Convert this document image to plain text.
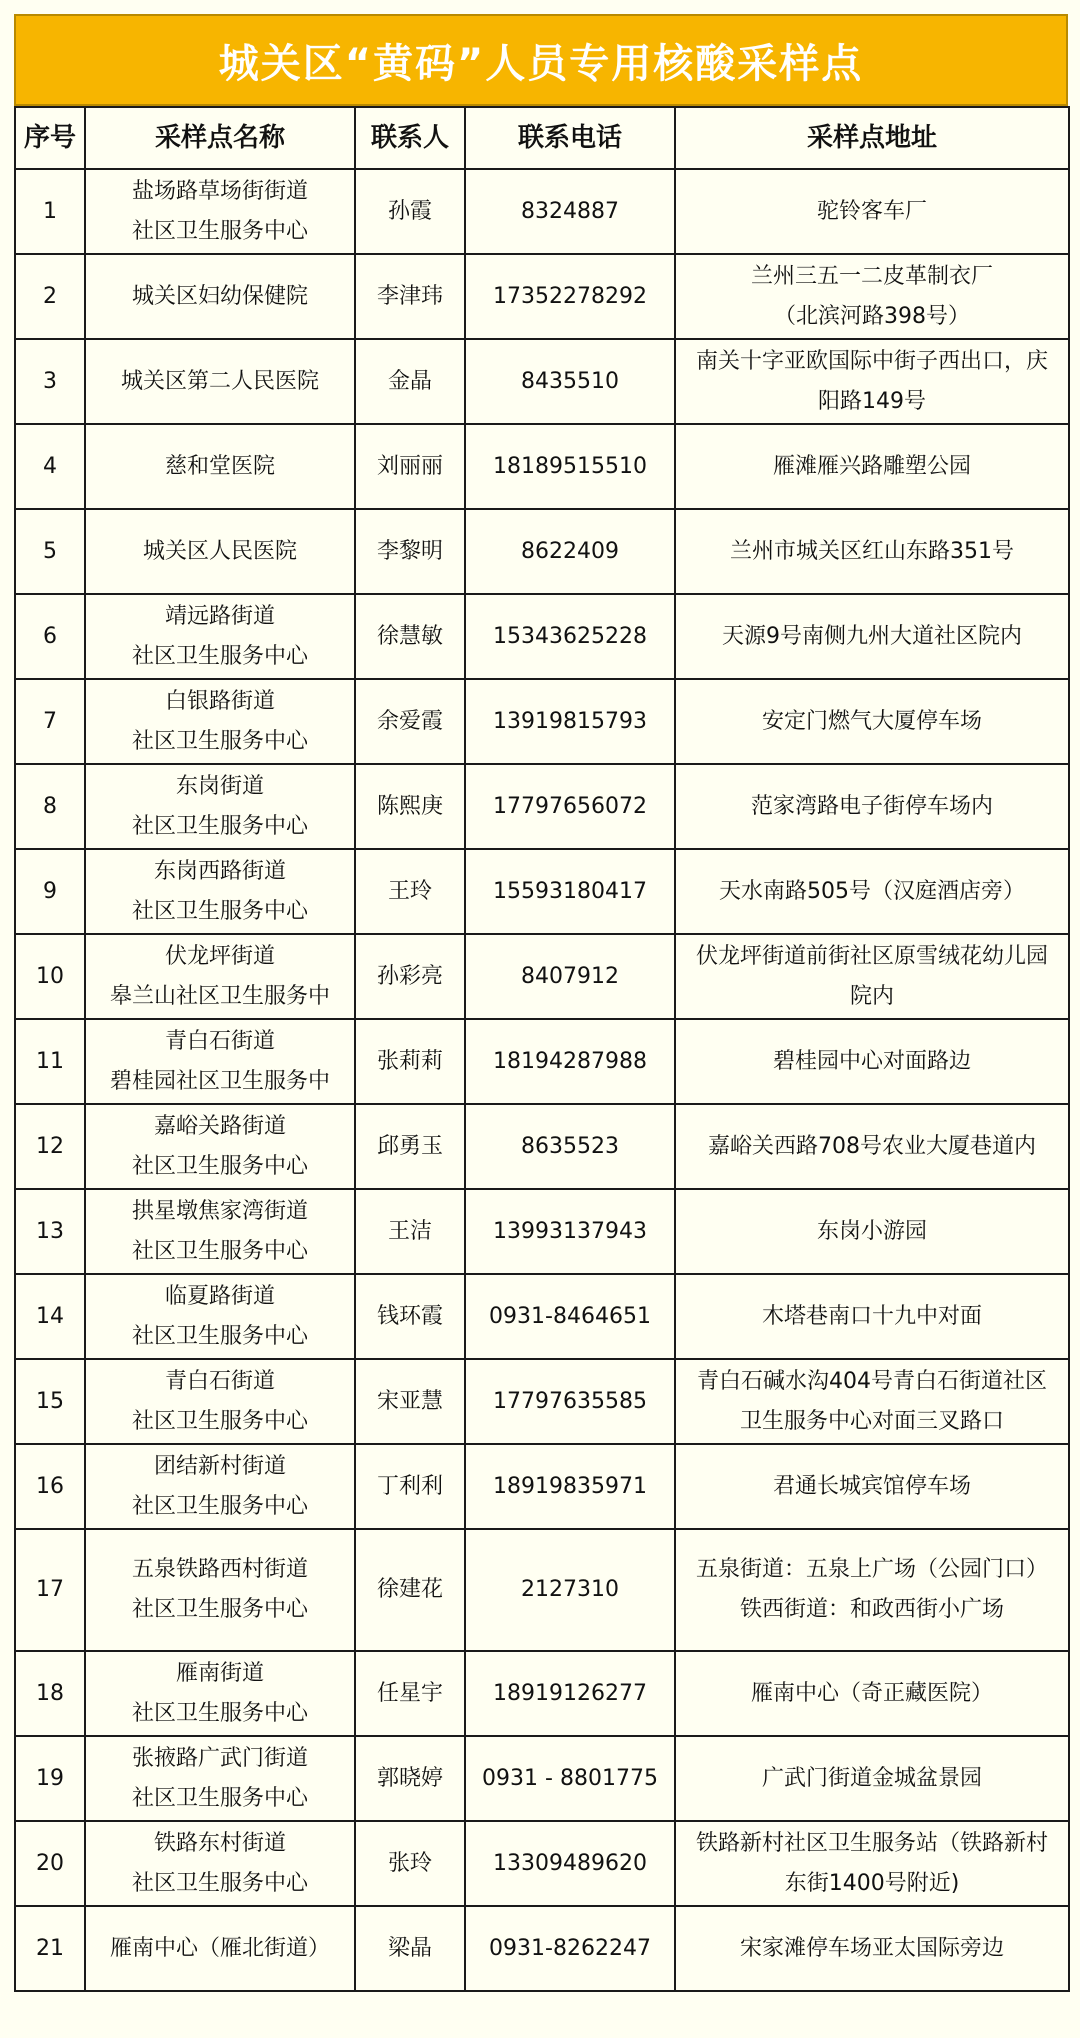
城关区“黄码”人员专用核酸采样点
序号	采样点名称	联系人	联系电话	采样点地址
1	盐场路草场街街道
社区卫生服务中心	孙霞	8324887	驼铃客车厂

2	城关区妇幼保健院	李津玮	17352278292	兰州三五一二皮革制衣厂
（北滨河路398号）

3	城关区第二人民医院	金晶	8435510	南关十字亚欧国际中街子西出口，庆
阳路149号

4	慈和堂医院	刘丽丽	18189515510	雁滩雁兴路雕塑公园

5	城关区人民医院	李黎明	8622409	兰州市城关区红山东路351号

6	靖远路街道
社区卫生服务中心	徐慧敏	15343625228	天源9号南侧九州大道社区院内

7	白银路街道
社区卫生服务中心	余爱霞	13919815793	安定门燃气大厦停车场

8	东岗街道
社区卫生服务中心	陈熙庚	17797656072	范家湾路电子街停车场内

9	东岗西路街道
社区卫生服务中心	王玲	15593180417	天水南路505号（汉庭酒店旁）

10	伏龙坪街道
皋兰山社区卫生服务中	孙彩亮	8407912	伏龙坪街道前街社区原雪绒花幼儿园
院内

11	青白石街道
碧桂园社区卫生服务中	张莉莉	18194287988	碧桂园中心对面路边

12	嘉峪关路街道
社区卫生服务中心	邱勇玉	8635523	嘉峪关西路708号农业大厦巷道内

13	拱星墩焦家湾街道
社区卫生服务中心	王洁	13993137943	东岗小游园

14	临夏路街道
社区卫生服务中心	钱环霞	0931-8464651	木塔巷南口十九中对面

15	青白石街道
社区卫生服务中心	宋亚慧	17797635585	青白石碱水沟404号青白石街道社区
卫生服务中心对面三叉路口

16	团结新村街道
社区卫生服务中心	丁利利	18919835971	君通长城宾馆停车场

17	五泉铁路西村街道
社区卫生服务中心	徐建花	2127310	五泉街道：五泉上广场（公园门口）
铁西街道：和政西街小广场

18	雁南街道
社区卫生服务中心	任星宇	18919126277	雁南中心（奇正藏医院）

19	张掖路广武门街道
社区卫生服务中心	郭晓婷	0931 - 8801775	广武门街道金城盆景园

20	铁路东村街道
社区卫生服务中心	张玲	13309489620	铁路新村社区卫生服务站（铁路新村
东街1400号附近)

21	雁南中心（雁北街道）	梁晶	0931-8262247	宋家滩停车场亚太国际旁边
